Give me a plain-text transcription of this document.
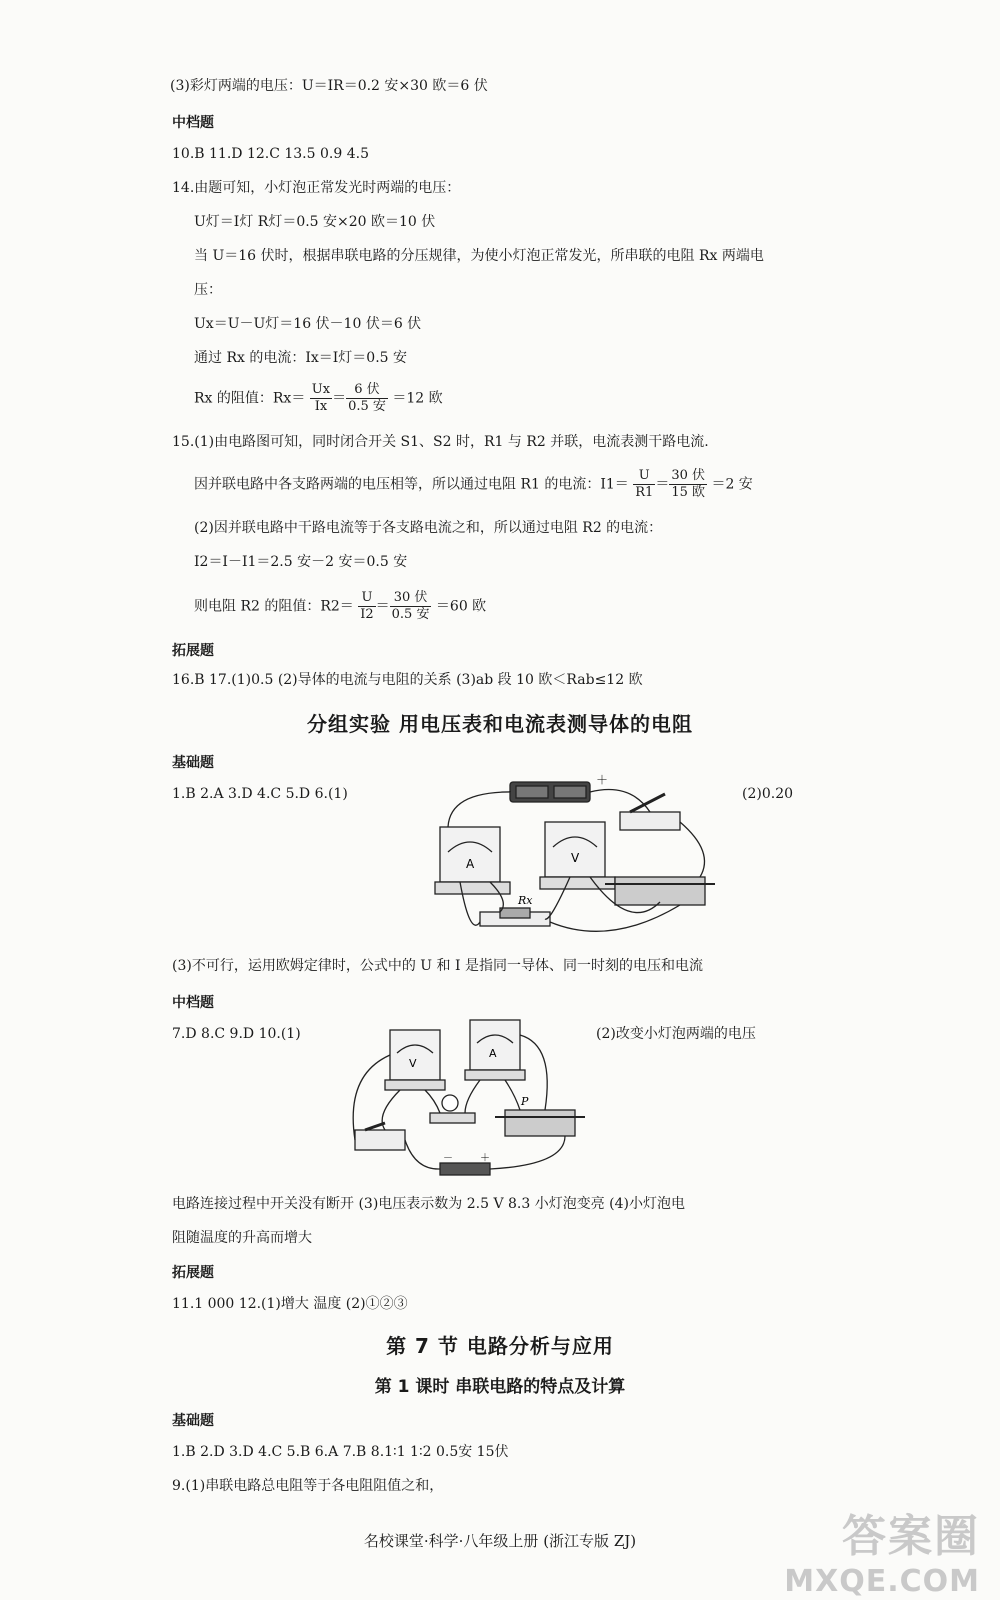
(3)彩灯两端的电压：U＝IR＝0.2 安×30 欧＝6 伏
中档题
10.B 11.D 12.C 13.5 0.9 4.5
14.由题可知，小灯泡正常发光时两端的电压：
U灯＝I灯 R灯＝0.5 安×20 欧＝10 伏
当 U＝16 伏时，根据串联电路的分压规律，为使小灯泡正常发光，所串联的电阻 Rx 两端电
压：
Ux＝U－U灯＝16 伏－10 伏＝6 伏
通过 Rx 的电流：Ix＝I灯＝0.5 安
Rx 的阻值：$Rx= \frac{Ux}{Ix} = \frac{\text{6 伏}}{\text{0.5 安}} =12$ 欧
15.(1)由电路图可知，同时闭合开关 S1、S2 时，R1 与 R2 并联，电流表测干路电流.
因并联电路中各支路两端的电压相等，所以通过电阻 R1 的电流：$I1= \frac{U}{R1} = \frac{\text{30 伏}}{\text{15 欧}} =2$ 安
(2)因并联电路中干路电流等于各支路电流之和，所以通过电阻 R2 的电流：
I2＝I－I1＝2.5 安－2 安＝0.5 安
则电阻 R2 的阻值：$R2= \frac{U}{I2} = \frac{\text{30 伏}}{\text{0.5 安}} =60$ 欧
拓展题
16.B 17.(1)0.5 (2)导体的电流与电阻的关系 (3)ab 段 10 欧＜Rab≤12 欧
分组实验 用电压表和电流表测导体的电阻
基础题
1.B 2.A 3.D 4.C 5.D 6.(1)	(2)0.20
A	V
Rx
－
＋
(3)不可行，运用欧姆定律时，公式中的 U 和 I 是指同一导体、同一时刻的电压和电流
中档题
7.D 8.C 9.D 10.(1)	(2)改变小灯泡两端的电压
V
A
P
－	＋
电路连接过程中开关没有断开 (3)电压表示数为 2.5 V 8.3 小灯泡变亮 (4)小灯泡电
阻随温度的升高而增大
拓展题
11.1 000 12.(1)增大 温度 (2)①②③
第 7 节 电路分析与应用
第 1 课时 串联电路的特点及计算
基础题
1.B 2.D 3.D 4.C 5.B 6.A 7.B 8.1∶1 1∶2 0.5安 15伏
9.(1)串联电路总电阻等于各电阻阻值之和，
名校课堂·科学·八年级上册 (浙江专版 ZJ)	答案圈
MXQE.COM
